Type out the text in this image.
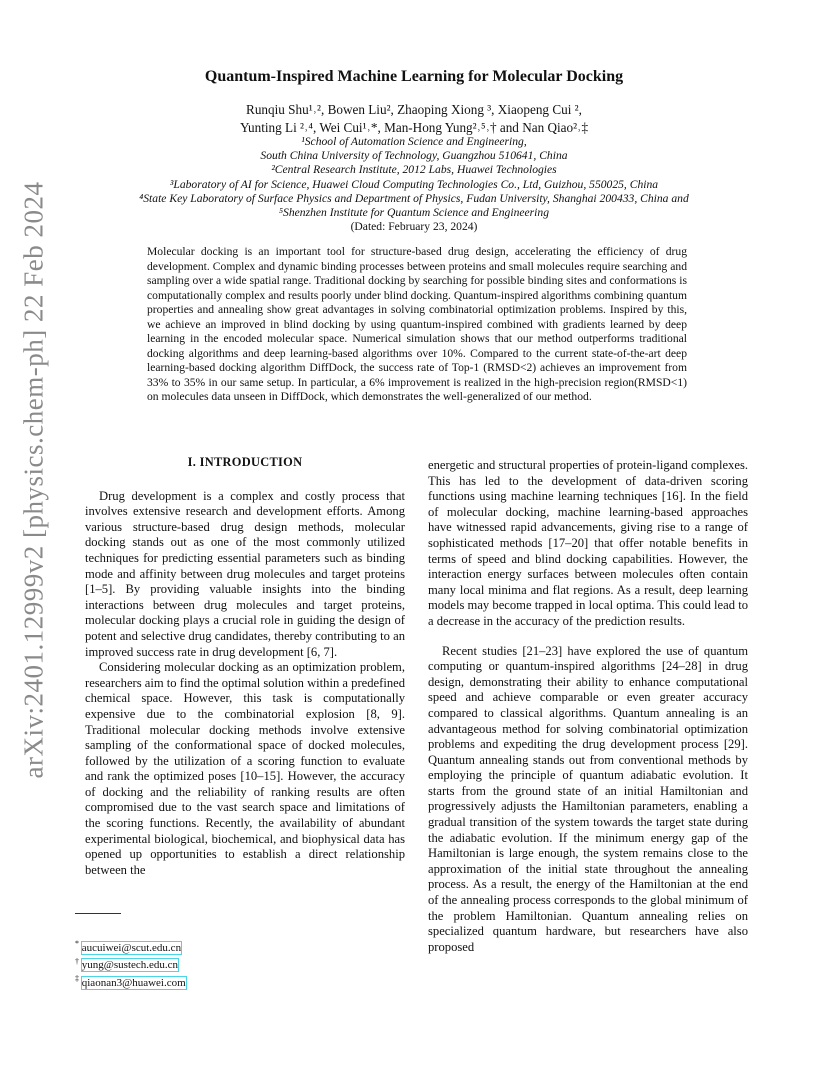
arXiv:2401.12999v2 [physics.chem-ph] 22 Feb 2024
Quantum-Inspired Machine Learning for Molecular Docking
Runqiu Shu¹˒², Bowen Liu², Zhaoping Xiong ³, Xiaopeng Cui ²,
Yunting Li ²˒⁴, Wei Cui¹˒*, Man-Hong Yung²˒⁵˒† and Nan Qiao²˒‡
¹School of Automation Science and Engineering,
South China University of Technology, Guangzhou 510641, China
²Central Research Institute, 2012 Labs, Huawei Technologies
³Laboratory of AI for Science, Huawei Cloud Computing Technologies Co., Ltd, Guizhou, 550025, China
⁴State Key Laboratory of Surface Physics and Department of Physics, Fudan University, Shanghai 200433, China and
⁵Shenzhen Institute for Quantum Science and Engineering
(Dated: February 23, 2024)
Molecular docking is an important tool for structure-based drug design, accelerating the efficiency of drug development. Complex and dynamic binding processes between proteins and small molecules require searching and sampling over a wide spatial range. Traditional docking by searching for possible binding sites and conformations is computationally complex and results poorly under blind docking. Quantum-inspired algorithms combining quantum properties and annealing show great advantages in solving combinatorial optimization problems. Inspired by this, we achieve an improved in blind docking by using quantum-inspired combined with gradients learned by deep learning in the encoded molecular space. Numerical simulation shows that our method outperforms traditional docking algorithms and deep learning-based algorithms over 10%. Compared to the current state-of-the-art deep learning-based docking algorithm DiffDock, the success rate of Top-1 (RMSD<2) achieves an improvement from 33% to 35% in our same setup. In particular, a 6% improvement is realized in the high-precision region(RMSD<1) on molecules data unseen in DiffDock, which demonstrates the well-generalized of our method.
I. INTRODUCTION

Drug development is a complex and costly process that involves extensive research and development efforts. Among various structure-based drug design methods, molecular docking stands out as one of the most commonly utilized techniques for predicting essential parameters such as binding mode and affinity between drug molecules and target proteins [1–5]. By providing valuable insights into the binding interactions between drug molecules and target proteins, molecular docking plays a crucial role in guiding the design of potent and selective drug candidates, thereby contributing to an improved success rate in drug development [6, 7].

Considering molecular docking as an optimization problem, researchers aim to find the optimal solution within a predefined chemical space. However, this task is computationally expensive due to the combinatorial explosion [8, 9]. Traditional molecular docking methods involve extensive sampling of the conformational space of docked molecules, followed by the utilization of a scoring function to evaluate and rank the optimized poses [10–15]. However, the accuracy of docking and the reliability of ranking results are often compromised due to the vast search space and limitations of the scoring functions. Recently, the availability of abundant experimental biological, biochemical, and biophysical data has opened up opportunities to establish a direct relationship between the

energetic and structural properties of protein-ligand complexes. This has led to the development of data-driven scoring functions using machine learning techniques [16]. In the field of molecular docking, machine learning-based approaches have witnessed rapid advancements, giving rise to a range of sophisticated methods [17–20] that offer notable benefits in terms of speed and blind docking capabilities. However, the interaction energy surfaces between molecules often contain many local minima and flat regions. As a result, deep learning models may become trapped in local optima. This could lead to a decrease in the accuracy of the prediction results.

Recent studies [21–23] have explored the use of quantum computing or quantum-inspired algorithms [24–28] in drug design, demonstrating their ability to enhance computational speed and achieve comparable or even greater accuracy compared to classical algorithms. Quantum annealing is an advantageous method for solving combinatorial optimization problems and expediting the drug development process [29]. Quantum annealing stands out from conventional methods by employing the principle of quantum adiabatic evolution. It starts from the ground state of an initial Hamiltonian and progressively adjusts the Hamiltonian parameters, enabling a gradual transition of the system towards the target state during the adiabatic evolution. If the minimum energy gap of the Hamiltonian is large enough, the system remains close to the approximation of the initial state throughout the annealing process. As a result, the energy of the Hamiltonian at the end of the annealing process corresponds to the global minimum of the problem Hamiltonian. Quantum annealing relies on specialized quantum hardware, but researchers have also proposed

* aucuiwei@scut.edu.cn
† yung@sustech.edu.cn
‡ qiaonan3@huawei.com
